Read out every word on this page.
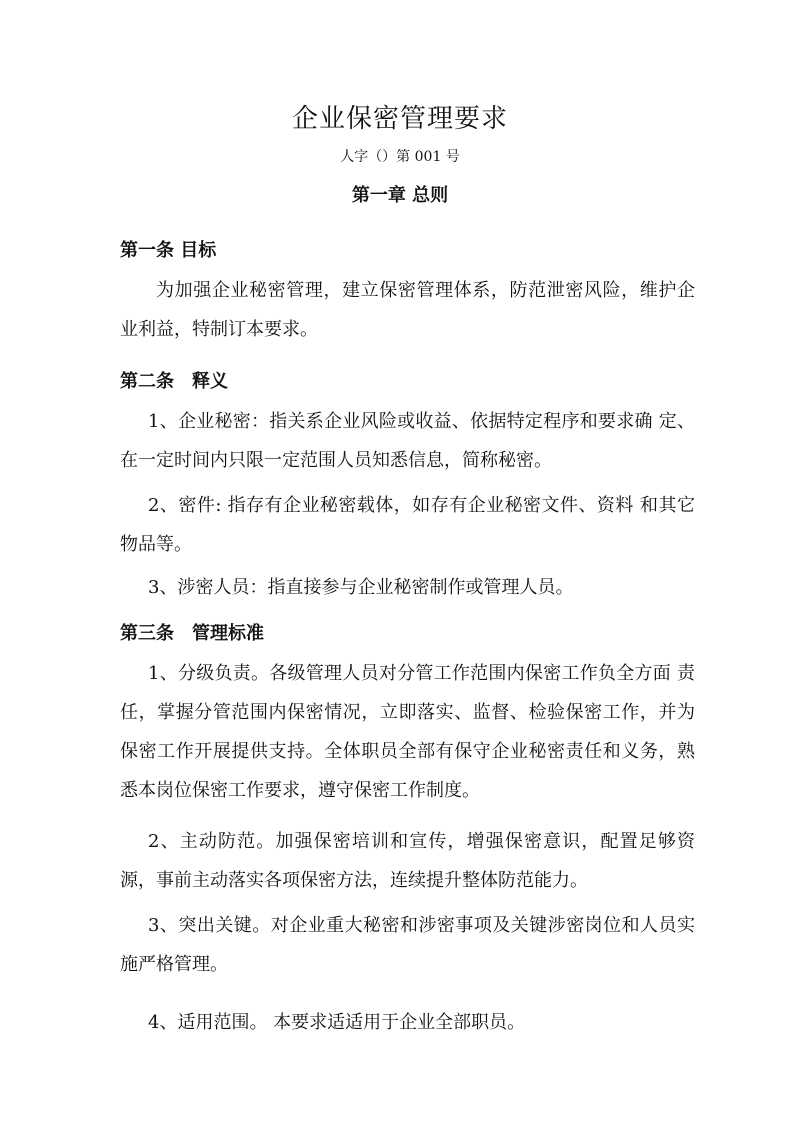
企业保密管理要求
人字（）第 001 号
第一章 总则
第一条 目标
为加强企业秘密管理，建立保密管理体系，防范泄密风险，维护企业利益，特制订本要求。
第二条　释义
1、企业秘密：指关系企业风险或收益、依据特定程序和要求确 定、在一定时间内只限一定范围人员知悉信息，简称秘密。
2、密件: 指存有企业秘密载体，如存有企业秘密文件、资料 和其它物品等。
3、涉密人员：指直接参与企业秘密制作或管理人员。
第三条　管理标准
1、分级负责。各级管理人员对分管工作范围内保密工作负全方面 责任，掌握分管范围内保密情况，立即落实、监督、检验保密工作，并为保密工作开展提供支持。全体职员全部有保守企业秘密责任和义务，熟悉本岗位保密工作要求，遵守保密工作制度。
2、主动防范。加强保密培训和宣传，增强保密意识，配置足够资源，事前主动落实各项保密方法，连续提升整体防范能力。
3、突出关键。对企业重大秘密和涉密事项及关键涉密岗位和人员实施严格管理。
4、适用范围。 本要求适适用于企业全部职员。
